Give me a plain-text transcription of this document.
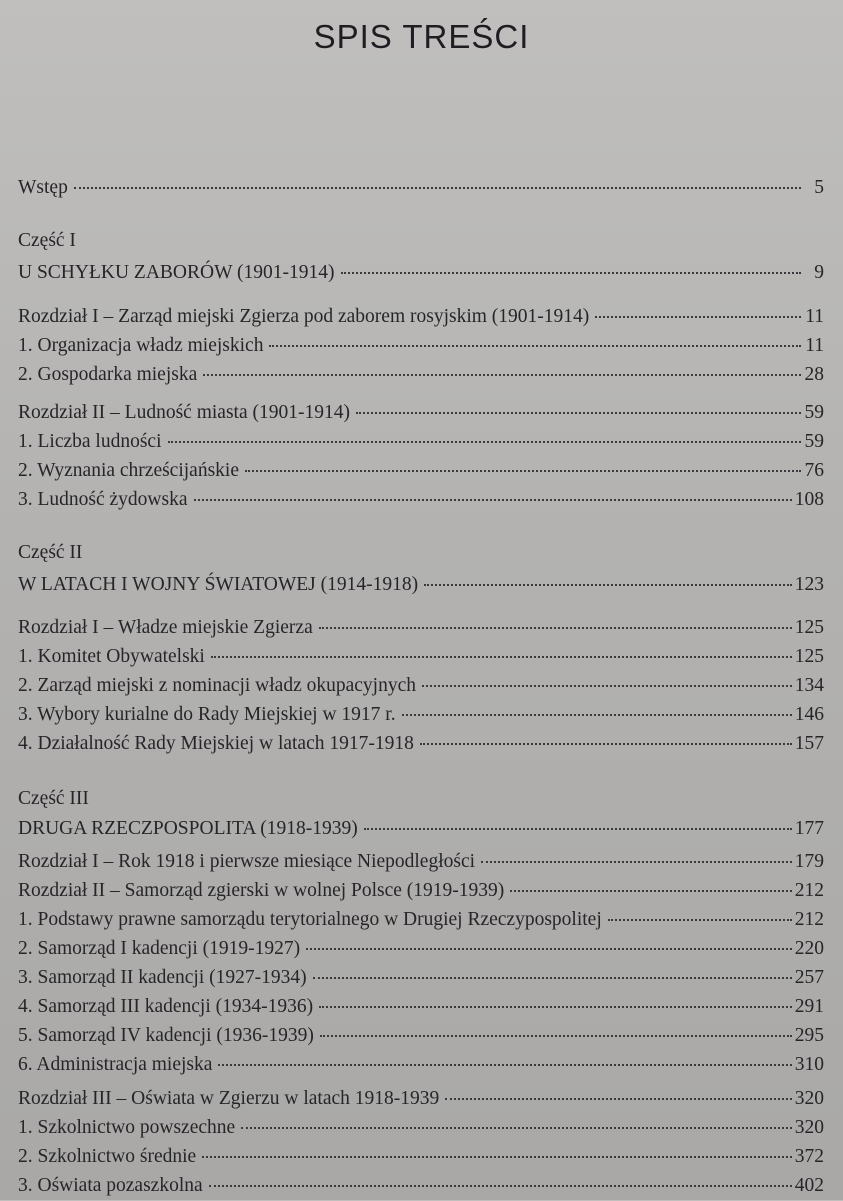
SPIS TREŚCI
Wstęp	5
Część I
U SCHYŁKU ZABORÓW (1901-1914)	9
Rozdział I – Zarząd miejski Zgierza pod zaborem rosyjskim (1901-1914)	11
1. Organizacja władz miejskich	11
2. Gospodarka miejska	28
Rozdział II – Ludność miasta (1901-1914)	59
1. Liczba ludności	59
2. Wyznania chrześcijańskie	76
3. Ludność żydowska	108
Część II
W LATACH I WOJNY ŚWIATOWEJ (1914-1918)	123
Rozdział I – Władze miejskie Zgierza	125
1. Komitet Obywatelski	125
2. Zarząd miejski z nominacji władz okupacyjnych	134
3. Wybory kurialne do Rady Miejskiej w 1917 r.	146
4. Działalność Rady Miejskiej w latach 1917-1918	157
Część III
DRUGA RZECZPOSPOLITA (1918-1939)	177
Rozdział I – Rok 1918 i pierwsze miesiące Niepodległości	179
Rozdział II – Samorząd zgierski w wolnej Polsce (1919-1939)	212
1. Podstawy prawne samorządu terytorialnego w Drugiej Rzeczypospolitej	212
2. Samorząd I kadencji (1919-1927)	220
3. Samorząd II kadencji (1927-1934)	257
4. Samorząd III kadencji (1934-1936)	291
5. Samorząd IV kadencji (1936-1939)	295
6. Administracja miejska	310
Rozdział III – Oświata w Zgierzu w latach 1918-1939	320
1. Szkolnictwo powszechne	320
2. Szkolnictwo średnie	372
3. Oświata pozaszkolna	402
